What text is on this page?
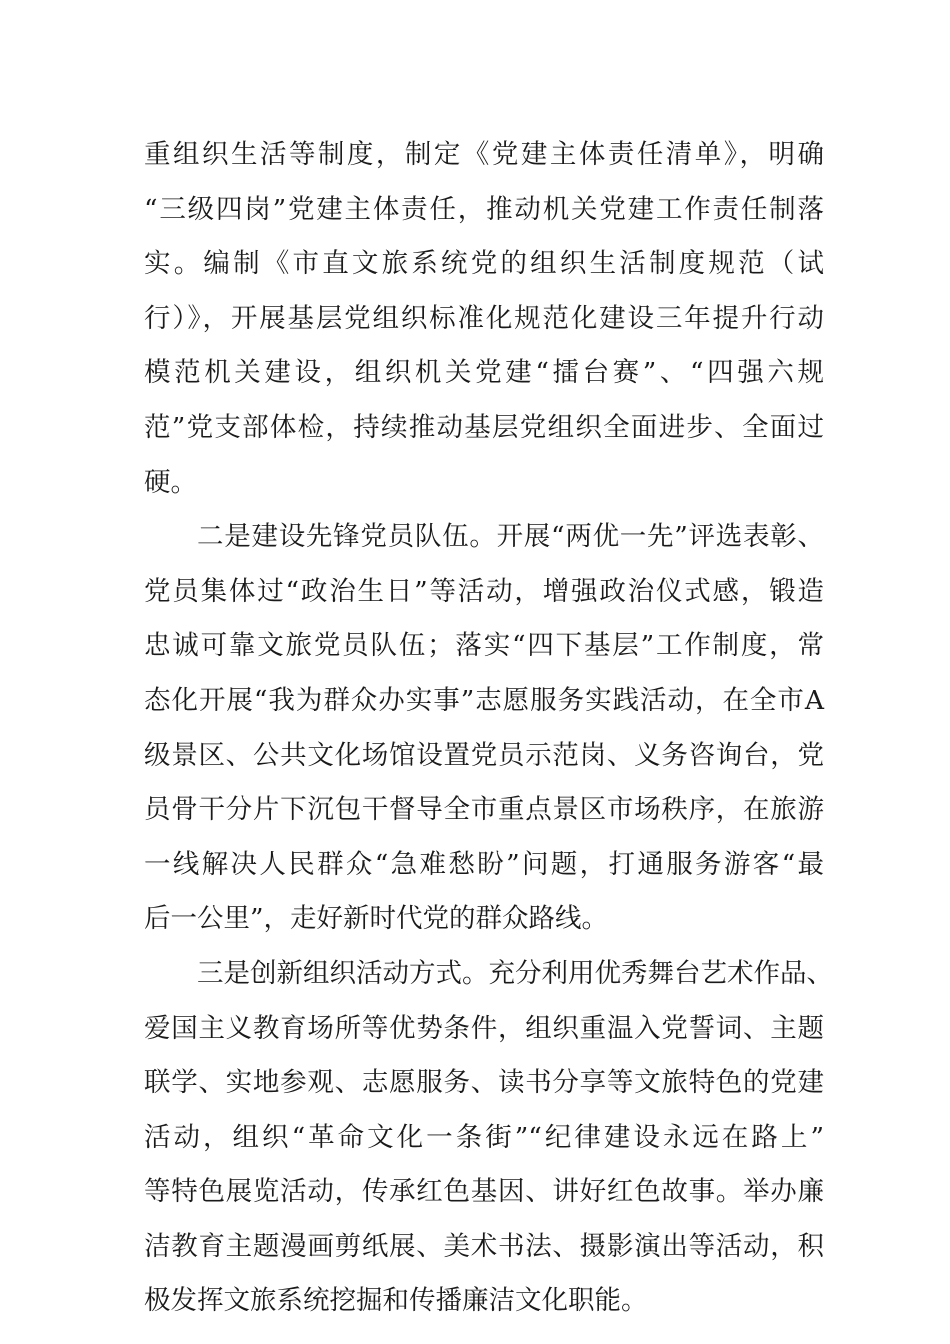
重组织生活等制度，制定《党建主体责任清单》，明确
“三级四岗”党建主体责任，推动机关党建工作责任制落
实。编制《市直文旅系统党的组织生活制度规范（试
行）》，开展基层党组织标准化规范化建设三年提升行动
模范机关建设，组织机关党建“擂台赛”、“四强六规
范”党支部体检，持续推动基层党组织全面进步、全面过
硬。
二是建设先锋党员队伍。开展“两优一先”评选表彰、
党员集体过“政治生日”等活动，增强政治仪式感，锻造
忠诚可靠文旅党员队伍；落实“四下基层”工作制度，常
态化开展“我为群众办实事”志愿服务实践活动，在全市A
级景区、公共文化场馆设置党员示范岗、义务咨询台，党
员骨干分片下沉包干督导全市重点景区市场秩序，在旅游
一线解决人民群众“急难愁盼”问题，打通服务游客“最
后一公里”，走好新时代党的群众路线。
三是创新组织活动方式。充分利用优秀舞台艺术作品、
爱国主义教育场所等优势条件，组织重温入党誓词、主题
联学、实地参观、志愿服务、读书分享等文旅特色的党建
活动，组织“革命文化一条街”“纪律建设永远在路上”
等特色展览活动，传承红色基因、讲好红色故事。举办廉
洁教育主题漫画剪纸展、美术书法、摄影演出等活动，积
极发挥文旅系统挖掘和传播廉洁文化职能。
